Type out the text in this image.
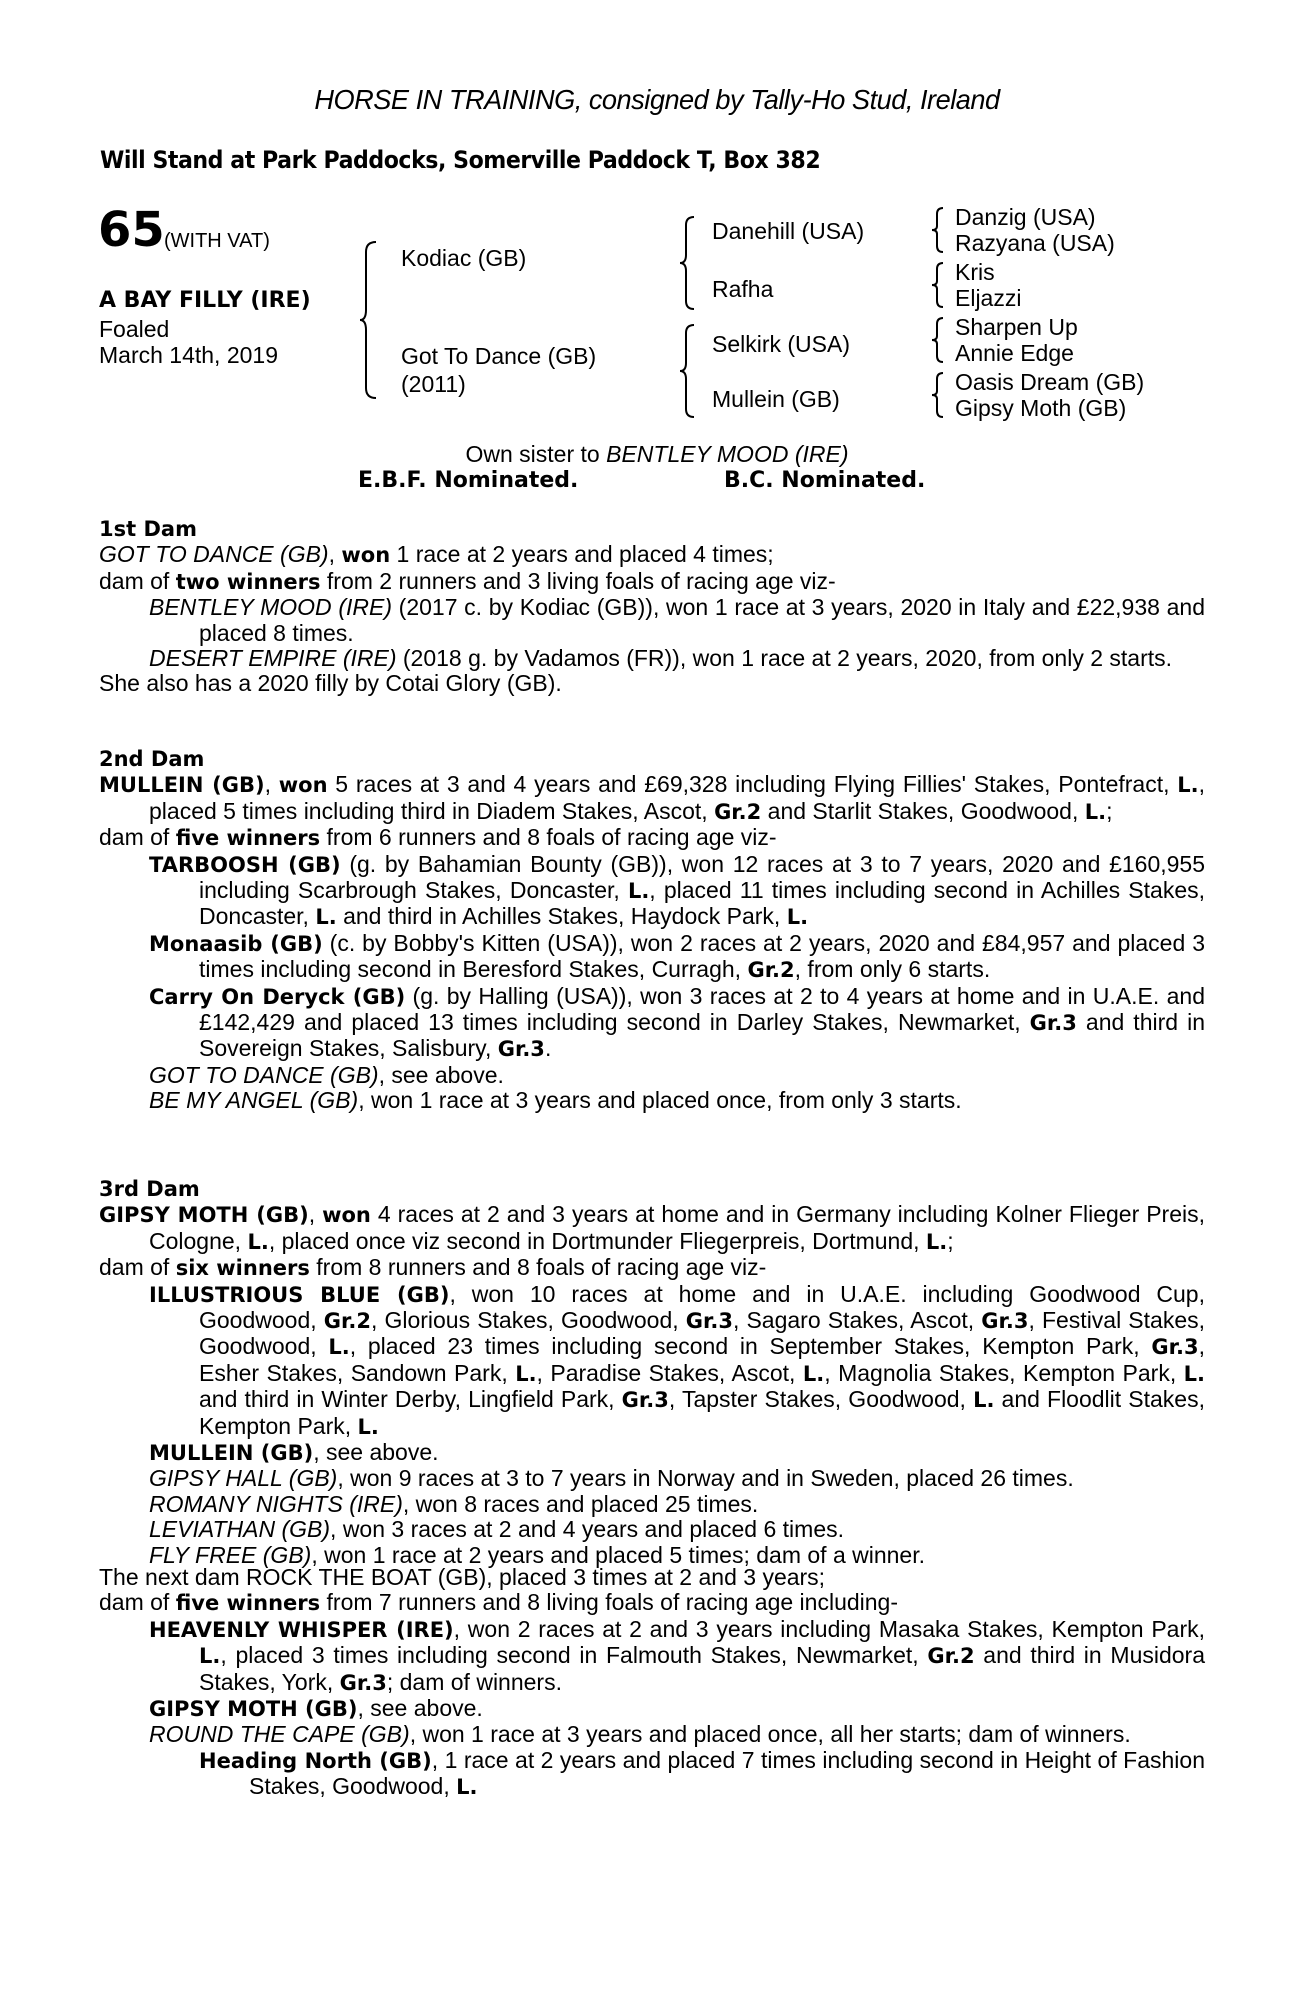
HORSE IN TRAINING, consigned by Tally-Ho Stud, Ireland
Will Stand at Park Paddocks, Somerville Paddock T, Box 382
65 (WITH VAT)
A BAY FILLY (IRE)
Foaled
March 14th, 2019
Kodiac (GB)
Got To Dance (GB)
(2011)
Danehill (USA)
Rafha
Selkirk (USA)
Mullein (GB)
Danzig (USA)
Razyana (USA)
Kris
Eljazzi
Sharpen Up
Annie Edge
Oasis Dream (GB)
Gipsy Moth (GB)
Own sister to BENTLEY MOOD (IRE)
E.B.F. Nominated.	B.C. Nominated.

1st Dam

GOT TO DANCE (GB), won 1 race at 2 years and placed 4 times;

dam of two winners from 2 runners and 3 living foals of racing age viz-

BENTLEY MOOD (IRE) (2017 c. by Kodiac (GB)), won 1 race at 3 years, 2020 in Italy and £22,938 and placed 8 times.

DESERT EMPIRE (IRE) (2018 g. by Vadamos (FR)), won 1 race at 2 years, 2020, from only 2 starts.

She also has a 2020 filly by Cotai Glory (GB).

2nd Dam

MULLEIN (GB), won 5 races at 3 and 4 years and £69,328 including Flying Fillies' Stakes, Pontefract, L., placed 5 times including third in Diadem Stakes, Ascot, Gr.2 and Starlit Stakes, Goodwood, L.;

dam of five winners from 6 runners and 8 foals of racing age viz-

TARBOOSH (GB) (g. by Bahamian Bounty (GB)), won 12 races at 3 to 7 years, 2020 and £160,955 including Scarbrough Stakes, Doncaster, L., placed 11 times including second in Achilles Stakes, Doncaster, L. and third in Achilles Stakes, Haydock Park, L.

Monaasib (GB) (c. by Bobby's Kitten (USA)), won 2 races at 2 years, 2020 and £84,957 and placed 3 times including second in Beresford Stakes, Curragh, Gr.2, from only 6 starts.

Carry On Deryck (GB) (g. by Halling (USA)), won 3 races at 2 to 4 years at home and in U.A.E. and £142,429 and placed 13 times including second in Darley Stakes, Newmarket, Gr.3 and third in Sovereign Stakes, Salisbury, Gr.3.

GOT TO DANCE (GB), see above.

BE MY ANGEL (GB), won 1 race at 3 years and placed once, from only 3 starts.

3rd Dam

GIPSY MOTH (GB), won 4 races at 2 and 3 years at home and in Germany including Kolner Flieger Preis, Cologne, L., placed once viz second in Dortmunder Fliegerpreis, Dortmund, L.;

dam of six winners from 8 runners and 8 foals of racing age viz-

ILLUSTRIOUS BLUE (GB), won 10 races at home and in U.A.E. including Goodwood Cup, Goodwood, Gr.2, Glorious Stakes, Goodwood, Gr.3, Sagaro Stakes, Ascot, Gr.3, Festival Stakes, Goodwood, L., placed 23 times including second in September Stakes, Kempton Park, Gr.3, Esher Stakes, Sandown Park, L., Paradise Stakes, Ascot, L., Magnolia Stakes, Kempton Park, L. and third in Winter Derby, Lingfield Park, Gr.3, Tapster Stakes, Goodwood, L. and Floodlit Stakes, Kempton Park, L.

MULLEIN (GB), see above.

GIPSY HALL (GB), won 9 races at 3 to 7 years in Norway and in Sweden, placed 26 times.

ROMANY NIGHTS (IRE), won 8 races and placed 25 times.

LEVIATHAN (GB), won 3 races at 2 and 4 years and placed 6 times.

FLY FREE (GB), won 1 race at 2 years and placed 5 times; dam of a winner.

The next dam ROCK THE BOAT (GB), placed 3 times at 2 and 3 years;

dam of five winners from 7 runners and 8 living foals of racing age including-

HEAVENLY WHISPER (IRE), won 2 races at 2 and 3 years including Masaka Stakes, Kempton Park, L., placed 3 times including second in Falmouth Stakes, Newmarket, Gr.2 and third in Musidora Stakes, York, Gr.3; dam of winners.

GIPSY MOTH (GB), see above.

ROUND THE CAPE (GB), won 1 race at 3 years and placed once, all her starts; dam of winners.

Heading North (GB), 1 race at 2 years and placed 7 times including second in Height of Fashion Stakes, Goodwood, L.
